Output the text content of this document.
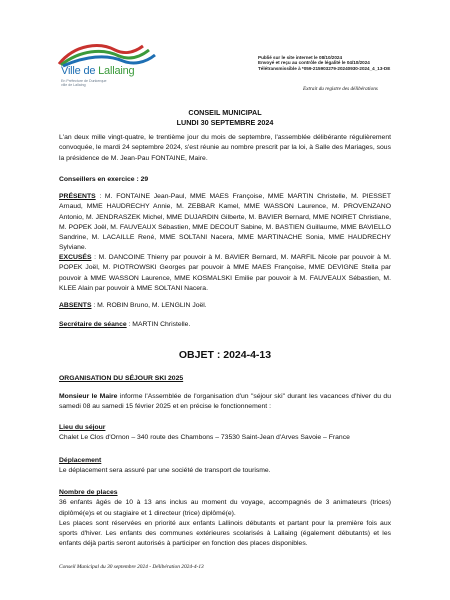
Ville de Lallaing
En Préfecture de Dunkerque
ville de Lallaing
Publié sur le site internet le 08/10/2024
Envoyé et reçu au contrôle de légalité le 04/10/2024
Télétransmissible à *059-215903279-20240930-2024_4_13-DE
Extrait du registre des délibérations
CONSEIL MUNICIPAL
LUNDI 30 SEPTEMBRE 2024
L'an deux mille vingt-quatre, le trentième jour du mois de septembre, l'assemblée délibérante régulièrement convoquée, le mardi 24 septembre 2024, s'est réunie au nombre prescrit par la loi, à Salle des Mariages, sous la présidence de M. Jean-Pau FONTAINE, Maire.
Conseillers en exercice : 29
PRÉSENTS : M. FONTAINE Jean-Paul, MME MAES Françoise, MME MARTIN Christelle, M. PIESSET Arnaud, MME HAUDRECHY Annie, M. ZEBBAR Kamel, MME WASSON Laurence, M. PROVENZANO Antonio, M. JENDRASZEK Michel, MME DUJARDIN Gilberte, M. BAVIER Bernard, MME NOIRET Christiane, M. POPEK Joël, M. FAUVEAUX Sébastien, MME DECOUT Sabine, M. BASTIEN Guillaume, MME BAVIELLO Sandrine, M. LACAILLE René, MME SOLTANI Nacera, MME MARTINACHE Sonia, MME HAUDRECHY Sylviane.
EXCUSÉS : M. DANCOINE Thierry par pouvoir à M. BAVIER Bernard, M. MARFIL Nicole par pouvoir à M. POPEK Joël, M. PIOTROWSKI Georges par pouvoir à MME MAES Françoise, MME DEVIGNE Stella par pouvoir à MME WASSON Laurence, MME KOSMALSKI Emilie par pouvoir à M. FAUVEAUX Sébastien, M. KLEE Alain par pouvoir à MME SOLTANI Nacera.
ABSENTS : M. ROBIN Bruno, M. LENGLIN Joël.
Secrétaire de séance : MARTIN Christelle.
OBJET : 2024-4-13
ORGANISATION DU SÉJOUR SKI 2025
Monsieur le Maire informe l'Assemblée de l'organisation d'un "séjour ski" durant les vacances d'hiver du du samedi 08 au samedi 15 février 2025 et en précise le fonctionnement :
Lieu du séjour
Chalet Le Clos d'Ornon – 340 route des Chambons – 73530 Saint-Jean d'Arves Savoie – France
Déplacement
Le déplacement sera assuré par une société de transport de tourisme.
Nombre de places
36 enfants âgés de 10 à 13 ans inclus au moment du voyage, accompagnés de 3 animateurs (trices) diplômé(e)s et ou stagiaire et 1 directeur (trice) diplômé(e).
Les places sont réservées en priorité aux enfants Lallinois débutants et partant pour la première fois aux sports d'hiver. Les enfants des communes extérieures scolarisés à Lallaing (également débutants) et les enfants déjà partis seront autorisés à participer en fonction des places disponibles.
Conseil Municipal du 30 septembre 2024 - Délibération 2024-4-13
